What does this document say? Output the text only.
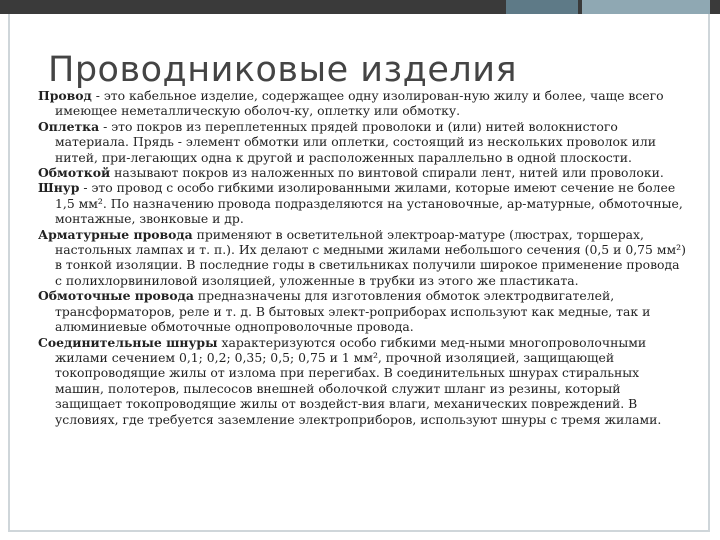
Проводниковые изделия

Провод - это кабельное изделие, содержащее одну изолирован-ную жилу и более, чаще всего имеющее неметаллическую оболоч-ку, оплетку или обмотку.

Оплетка - это покров из переплетенных прядей проволоки и (или) нитей волокнистого материала. Прядь - элемент обмотки или оплетки, состоящий из нескольких проволок или нитей, при-легающих одна к другой и расположенных параллельно в одной плоскости.

Обмоткой называют покров из наложенных по винтовой спирали лент, нитей или проволоки.

Шнур - это провод с особо гибкими изолированными жилами, которые имеют сечение не более 1,5 мм². По назначению провода подразделяются на установочные, ар-матурные, обмоточные, монтажные, звонковые и др.

Арматурные провода применяют в осветительной электроар-матуре (люстрах, торшерах, настольных лампах и т. п.). Их делают с медными жилами небольшого сечения (0,5 и 0,75 мм²) в тонкой изоляции. В последние годы в светильниках получили широкое применение провода с полихлорвиниловой изоляцией, уложенные в трубки из этого же пластиката.

Обмоточные провода предназначены для изготовления обмоток электродвигателей, трансформаторов, реле и т. д. В бытовых элект-роприборах используют как медные, так и алюминиевые обмоточные однопроволочные провода.

Соединительные шнуры характеризуются особо гибкими мед-ными многопроволочными жилами сечением 0,1; 0,2; 0,35; 0,5; 0,75 и 1 мм², прочной изоляцией, защищающей токопроводящие жилы от излома при перегибах. В соединительных шнурах стиральных машин, полотеров, пылесосов внешней оболочкой служит шланг из резины, который защищает токопроводящие жилы от воздейст-вия влаги, механических повреждений. В условиях, где требуется заземление электроприборов, используют шнуры с тремя жилами.
